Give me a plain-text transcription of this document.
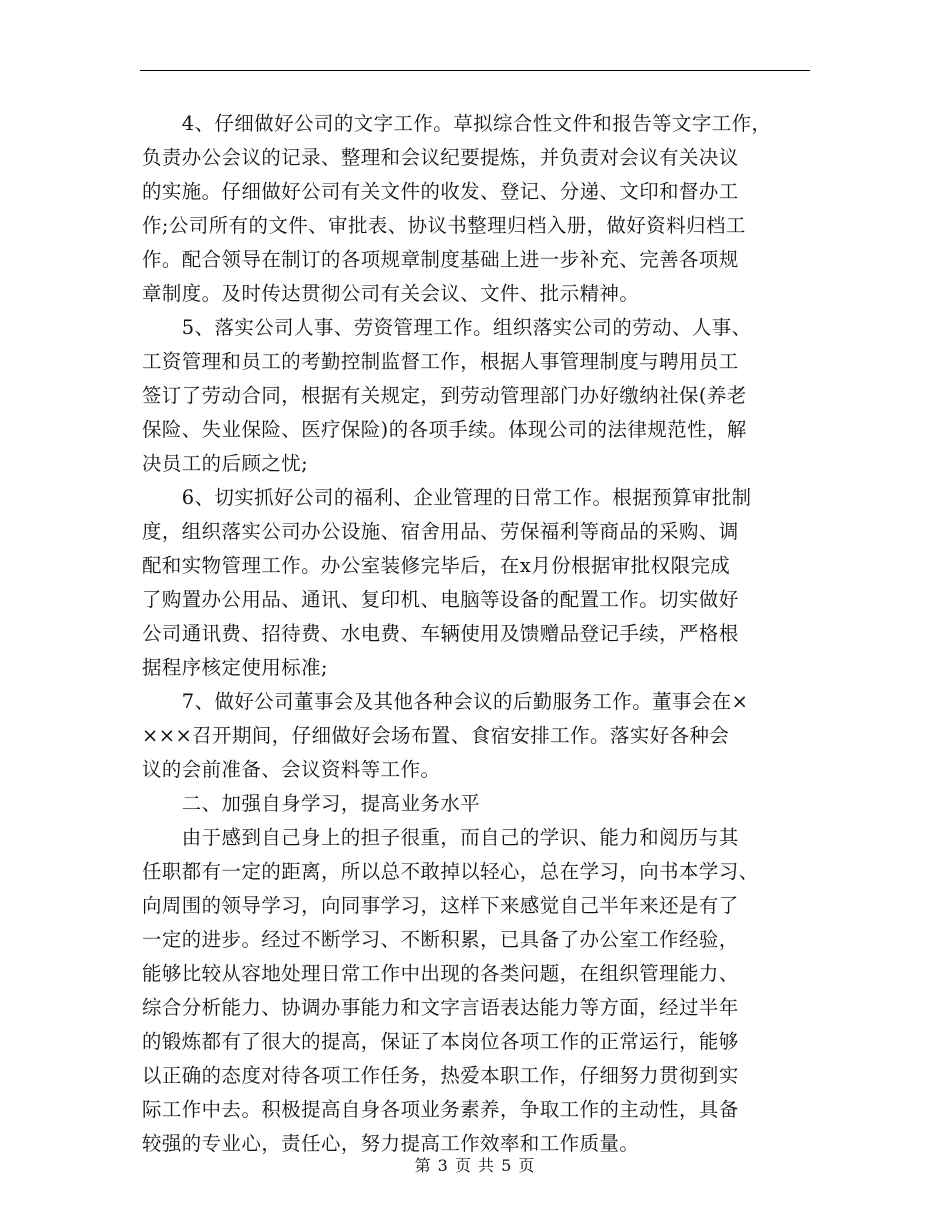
　　4、仔细做好公司的文字工作。草拟综合性文件和报告等文字工作，
负责办公会议的记录、整理和会议纪要提炼，并负责对会议有关决议
的实施。仔细做好公司有关文件的收发、登记、分递、文印和督办工
作;公司所有的文件、审批表、协议书整理归档入册，做好资料归档工
作。配合领导在制订的各项规章制度基础上进一步补充、完善各项规
章制度。及时传达贯彻公司有关会议、文件、批示精神。
　　5、落实公司人事、劳资管理工作。组织落实公司的劳动、人事、
工资管理和员工的考勤控制监督工作，根据人事管理制度与聘用员工
签订了劳动合同，根据有关规定，到劳动管理部门办好缴纳社保(养老
保险、失业保险、医疗保险)的各项手续。体现公司的法律规范性，解
决员工的后顾之忧;
　　6、切实抓好公司的福利、企业管理的日常工作。根据预算审批制
度，组织落实公司办公设施、宿舍用品、劳保福利等商品的采购、调
配和实物管理工作。办公室装修完毕后，在x月份根据审批权限完成
了购置办公用品、通讯、复印机、电脑等设备的配置工作。切实做好
公司通讯费、招待费、水电费、车辆使用及馈赠品登记手续，严格根
据程序核定使用标准;
　　7、做好公司董事会及其他各种会议的后勤服务工作。董事会在×
×××召开期间，仔细做好会场布置、食宿安排工作。落实好各种会
议的会前准备、会议资料等工作。
　　二、加强自身学习，提高业务水平
　　由于感到自己身上的担子很重，而自己的学识、能力和阅历与其
任职都有一定的距离，所以总不敢掉以轻心，总在学习，向书本学习、
向周围的领导学习，向同事学习，这样下来感觉自己半年来还是有了
一定的进步。经过不断学习、不断积累，已具备了办公室工作经验，
能够比较从容地处理日常工作中出现的各类问题，在组织管理能力、
综合分析能力、协调办事能力和文字言语表达能力等方面，经过半年
的锻炼都有了很大的提高，保证了本岗位各项工作的正常运行，能够
以正确的态度对待各项工作任务，热爱本职工作，仔细努力贯彻到实
际工作中去。积极提高自身各项业务素养，争取工作的主动性，具备
较强的专业心，责任心，努力提高工作效率和工作质量。
第 3 页 共 5 页
